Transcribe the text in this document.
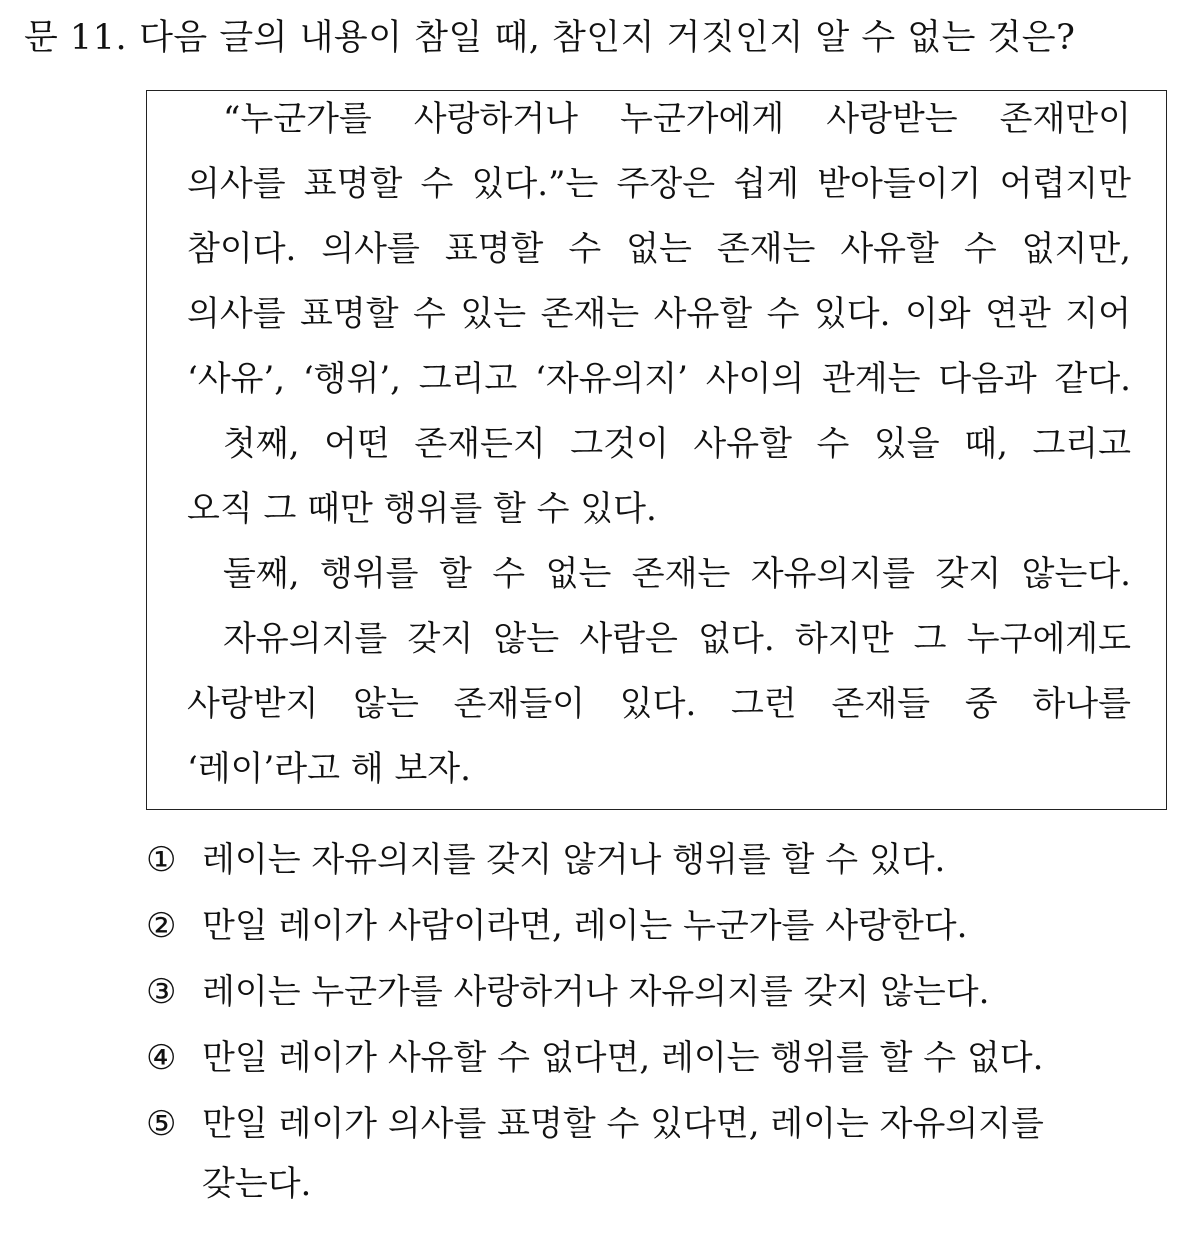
문 11. 다음 글의 내용이 참일 때, 참인지 거짓인지 알 수 없는 것은?
“누군가를 사랑하거나 누군가에게 사랑받는 존재만이
의사를 표명할 수 있다.”는 주장은 쉽게 받아들이기 어렵지만
참이다. 의사를 표명할 수 없는 존재는 사유할 수 없지만,
의사를 표명할 수 있는 존재는 사유할 수 있다. 이와 연관 지어
‘사유’, ‘행위’, 그리고 ‘자유의지’ 사이의 관계는 다음과 같다.
첫째, 어떤 존재든지 그것이 사유할 수 있을 때, 그리고
오직 그 때만 행위를 할 수 있다.
둘째, 행위를 할 수 없는 존재는 자유의지를 갖지 않는다.
자유의지를 갖지 않는 사람은 없다. 하지만 그 누구에게도
사랑받지 않는 존재들이 있다. 그런 존재들 중 하나를
‘레이’라고 해 보자.
① 레이는 자유의지를 갖지 않거나 행위를 할 수 있다.
② 만일 레이가 사람이라면, 레이는 누군가를 사랑한다.
③ 레이는 누군가를 사랑하거나 자유의지를 갖지 않는다.
④ 만일 레이가 사유할 수 없다면, 레이는 행위를 할 수 없다.
⑤ 만일 레이가 의사를 표명할 수 있다면, 레이는 자유의지를
갖는다.
